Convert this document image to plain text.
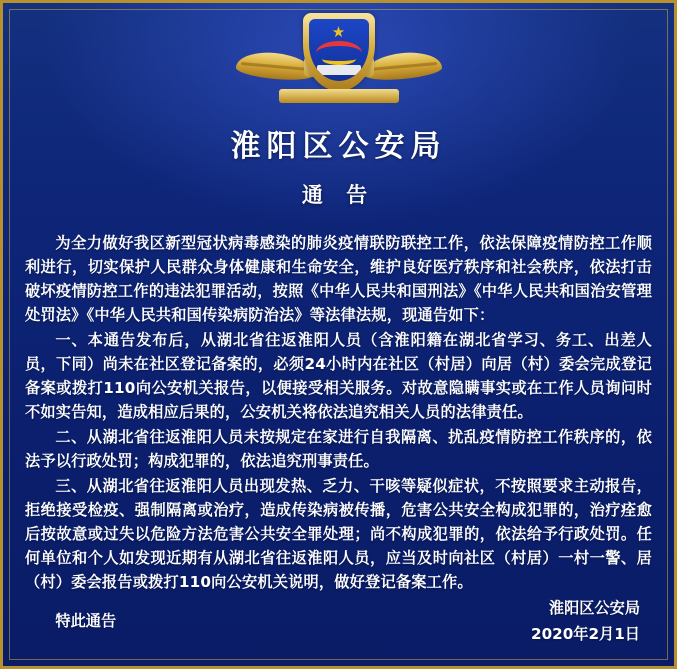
★
淮阳区公安局
通 告

为全力做好我区新型冠状病毒感染的肺炎疫情联防联控工作，依法保障疫情防控工作顺利进行，切实保护人民群众身体健康和生命安全，维护良好医疗秩序和社会秩序，依法打击破坏疫情防控工作的违法犯罪活动，按照《中华人民共和国刑法》《中华人民共和国治安管理处罚法》《中华人民共和国传染病防治法》等法律法规，现通告如下：

一、本通告发布后，从湖北省往返淮阳人员（含淮阳籍在湖北省学习、务工、出差人员，下同）尚未在社区登记备案的，必须24小时内在社区（村居）向居（村）委会完成登记备案或拨打110向公安机关报告，以便接受相关服务。对故意隐瞒事实或在工作人员询问时不如实告知，造成相应后果的，公安机关将依法追究相关人员的法律责任。

二、从湖北省往返淮阳人员未按规定在家进行自我隔离、扰乱疫情防控工作秩序的，依法予以行政处罚；构成犯罪的，依法追究刑事责任。

三、从湖北省往返淮阳人员出现发热、乏力、干咳等疑似症状，不按照要求主动报告，拒绝接受检疫、强制隔离或治疗，造成传染病被传播，危害公共安全构成犯罪的，治疗痊愈后按故意或过失以危险方法危害公共安全罪处理；尚不构成犯罪的，依法给予行政处罚。任何单位和个人如发现近期有从湖北省往返淮阳人员，应当及时向社区（村居）一村一警、居（村）委会报告或拨打110向公安机关说明，做好登记备案工作。

特此通告
淮阳区公安局
2020年2月1日
